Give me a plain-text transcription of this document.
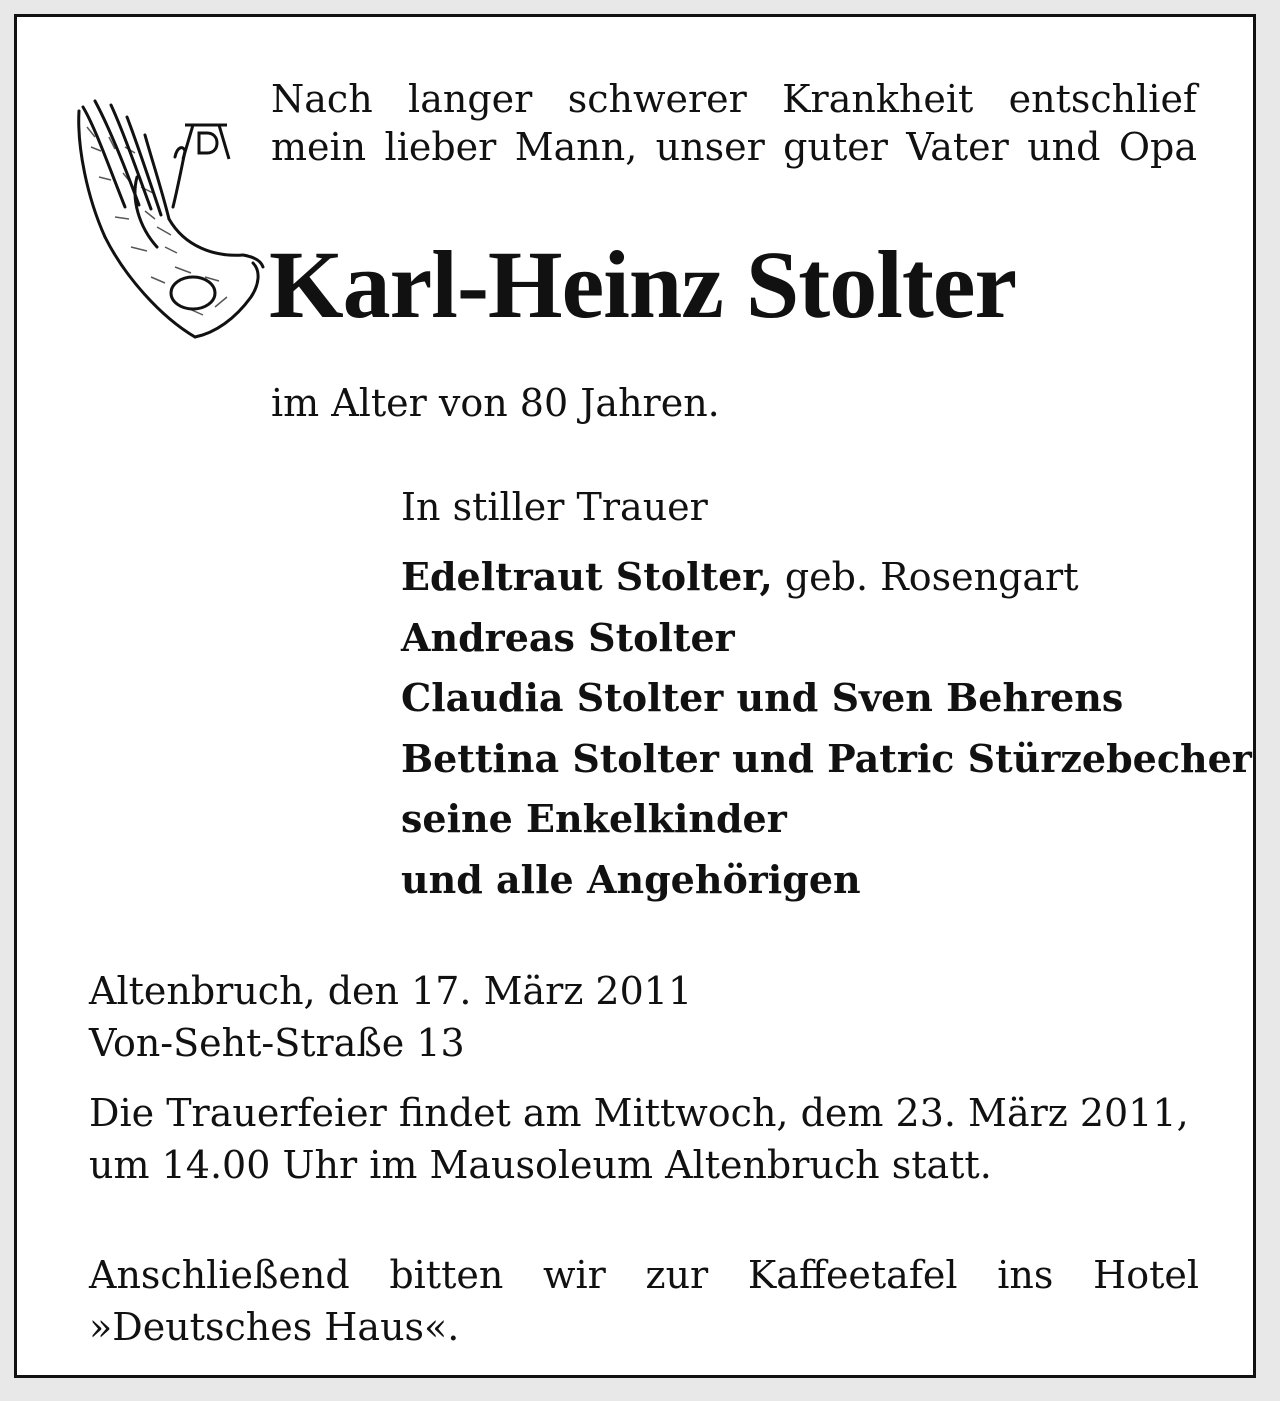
Nach langer schwerer Krankheit entschlief
mein lieber Mann, unser guter Vater und Opa
Karl-Heinz Stolter
im Alter von 80 Jahren.
In stiller Trauer
Edeltraut Stolter, geb. Rosengart
Andreas Stolter
Claudia Stolter und Sven Behrens
Bettina Stolter und Patric Stürzebecher
seine Enkelkinder
und alle Angehörigen
Altenbruch, den 17. März 2011
Von-Seht-Straße 13
Die Trauerfeier findet am Mittwoch, dem 23. März 2011,
um 14.00 Uhr im Mausoleum Altenbruch statt.
Anschließend bitten wir zur Kaffeetafel ins Hotel
»Deutsches Haus«.
